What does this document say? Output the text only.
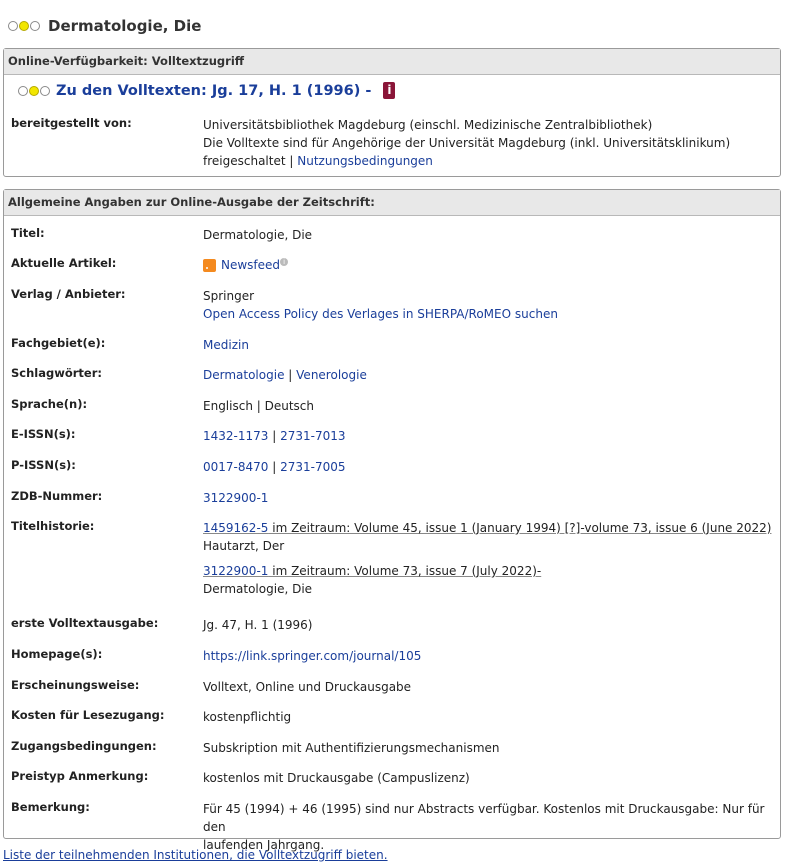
Dermatologie, Die
Online-Verfügbarkeit: Volltextzugriff
Zu den Volltexten: Jg. 17, H. 1 (1996) -	i
bereitgestellt von:	Universitätsbibliothek Magdeburg (einschl. Medizinische Zentralbibliothek)
Die Volltexte sind für Angehörige der Universität Magdeburg (inkl. Universitätsklinikum)
freigeschaltet | Nutzungsbedingungen
Allgemeine Angaben zur Online-Ausgabe der Zeitschrift:
Titel:	Dermatologie, Die
Aktuelle Artikel:	Newsfeed i
Verlag / Anbieter:	Springer
Open Access Policy des Verlages in SHERPA/RoMEO suchen
Fachgebiet(e):	Medizin
Schlagwörter:	Dermatologie | Venerologie
Sprache(n):	Englisch | Deutsch
E-ISSN(s):	1432-1173 | 2731-7013
P-ISSN(s):	0017-8470 | 2731-7005
ZDB-Nummer:	3122900-1
Titelhistorie:	1459162-5 im Zeitraum: Volume 45, issue 1 (January 1994) [?]-volume 73, issue 6 (June 2022)
Hautarzt, Der
3122900-1 im Zeitraum: Volume 73, issue 7 (July 2022)-
Dermatologie, Die
erste Volltextausgabe:	Jg. 47, H. 1 (1996)
Homepage(s):	https://link.springer.com/journal/105
Erscheinungsweise:	Volltext, Online und Druckausgabe
Kosten für Lesezugang:	kostenpflichtig
Zugangsbedingungen:	Subskription mit Authentifizierungsmechanismen
Preistyp Anmerkung:	kostenlos mit Druckausgabe (Campuslizenz)
Bemerkung:	Für 45 (1994) + 46 (1995) sind nur Abstracts verfügbar. Kostenlos mit Druckausgabe: Nur für den
laufenden Jahrgang.
Liste der teilnehmenden Institutionen, die Volltextzugriff bieten.
